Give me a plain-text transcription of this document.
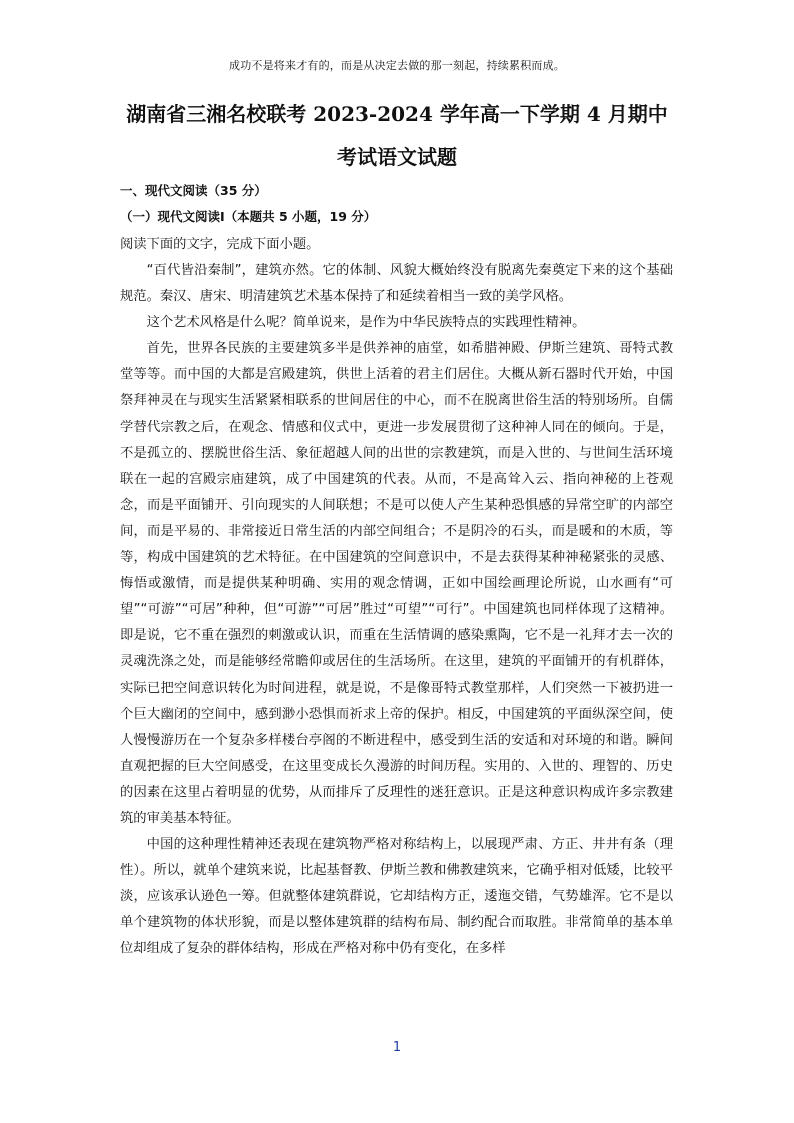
成功不是将来才有的，而是从决定去做的那一刻起，持续累积而成。
湖南省三湘名校联考 2023-2024 学年高一下学期 4 月期中
考试语文试题
一、现代文阅读（35 分）
（一）现代文阅读Ⅰ（本题共 5 小题，19 分）
阅读下面的文字，完成下面小题。

“百代皆沿秦制”，建筑亦然。它的体制、风貌大概始终没有脱离先秦奠定下来的这个基础规范。秦汉、唐宋、明清建筑艺术基本保持了和延续着相当一致的美学风格。

这个艺术风格是什么呢？简单说来，是作为中华民族特点的实践理性精神。

首先，世界各民族的主要建筑多半是供养神的庙堂，如希腊神殿、伊斯兰建筑、哥特式教堂等等。而中国的大都是宫殿建筑，供世上活着的君主们居住。大概从新石器时代开始，中国祭拜神灵在与现实生活紧紧相联系的世间居住的中心，而不在脱离世俗生活的特别场所。自儒学替代宗教之后，在观念、情感和仪式中，更进一步发展贯彻了这种神人同在的倾向。于是，不是孤立的、摆脱世俗生活、象征超越人间的出世的宗教建筑，而是入世的、与世间生活环境联在一起的宫殿宗庙建筑，成了中国建筑的代表。从而，不是高耸入云、指向神秘的上苍观念，而是平面铺开、引向现实的人间联想；不是可以使人产生某种恐惧感的异常空旷的内部空间，而是平易的、非常接近日常生活的内部空间组合；不是阴冷的石头，而是暖和的木质，等等，构成中国建筑的艺术特征。在中国建筑的空间意识中，不是去获得某种神秘紧张的灵感、悔悟或激情，而是提供某种明确、实用的观念情调，正如中国绘画理论所说，山水画有“可望”“可游”“可居”种种，但“可游”“可居”胜过“可望”“可行”。中国建筑也同样体现了这精神。即是说，它不重在强烈的刺激或认识，而重在生活情调的感染熏陶，它不是一礼拜才去一次的灵魂洗涤之处，而是能够经常瞻仰或居住的生活场所。在这里，建筑的平面铺开的有机群体，实际已把空间意识转化为时间进程，就是说，不是像哥特式教堂那样，人们突然一下被扔进一个巨大幽闭的空间中，感到渺小恐惧而祈求上帝的保护。相反，中国建筑的平面纵深空间，使人慢慢游历在一个复杂多样楼台亭阁的不断进程中，感受到生活的安适和对环境的和谐。瞬间直观把握的巨大空间感受，在这里变成长久漫游的时间历程。实用的、入世的、理智的、历史的因素在这里占着明显的优势，从而排斥了反理性的迷狂意识。正是这种意识构成许多宗教建筑的审美基本特征。

中国的这种理性精神还表现在建筑物严格对称结构上，以展现严肃、方正、井井有条（理性）。所以，就单个建筑来说，比起基督教、伊斯兰教和佛教建筑来，它确乎相对低矮，比较平淡，应该承认逊色一筹。但就整体建筑群说，它却结构方正，逶迤交错，气势雄浑。它不是以单个建筑物的体状形貌，而是以整体建筑群的结构布局、制约配合而取胜。非常简单的基本单位却组成了复杂的群体结构，形成在严格对称中仍有变化，在多样

1
